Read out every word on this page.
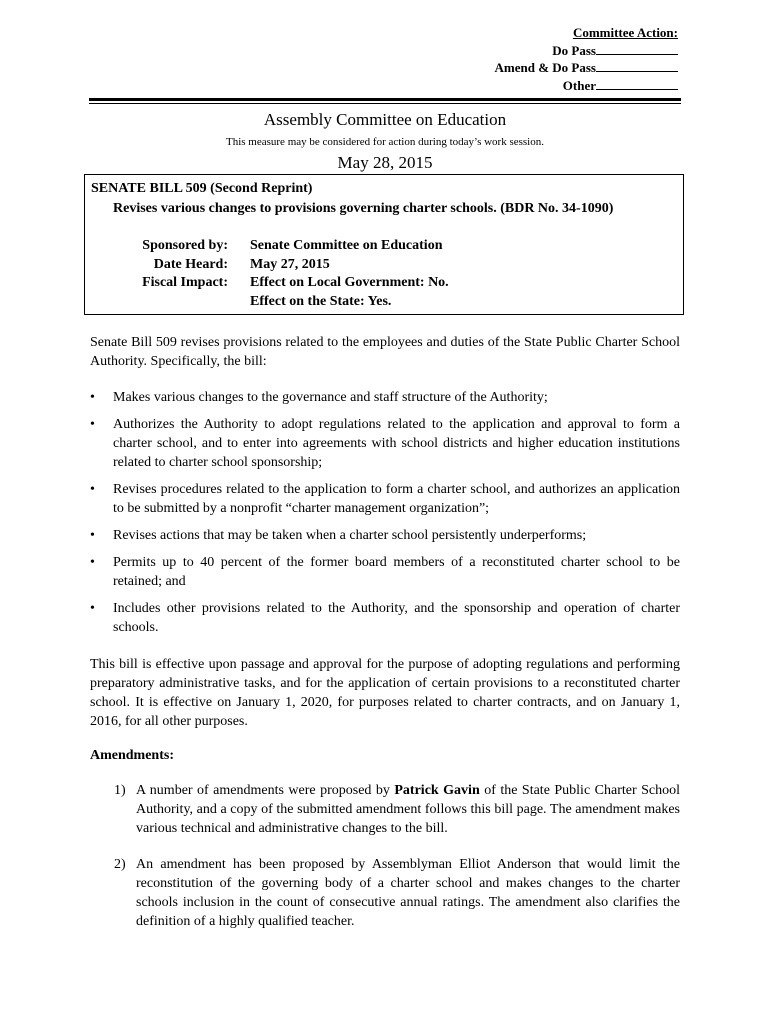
Committee Action:
Do Pass
Amend & Do Pass
Other
Assembly Committee on Education
This measure may be considered for action during today’s work session.
May 28, 2015
SENATE BILL 509 (Second Reprint)
Revises various changes to provisions governing charter schools. (BDR No. 34-1090)
Sponsored by: Senate Committee on Education
Date Heard: May 27, 2015
Fiscal Impact: Effect on Local Government: No.
Effect on the State: Yes.
Senate Bill 509 revises provisions related to the employees and duties of the State Public Charter School Authority. Specifically, the bill:
• Makes various changes to the governance and staff structure of the Authority;
• Authorizes the Authority to adopt regulations related to the application and approval to form a charter school, and to enter into agreements with school districts and higher education institutions related to charter school sponsorship;
• Revises procedures related to the application to form a charter school, and authorizes an application to be submitted by a nonprofit “charter management organization”;
• Revises actions that may be taken when a charter school persistently underperforms;
• Permits up to 40 percent of the former board members of a reconstituted charter school to be retained; and
• Includes other provisions related to the Authority, and the sponsorship and operation of charter schools.
This bill is effective upon passage and approval for the purpose of adopting regulations and performing preparatory administrative tasks, and for the application of certain provisions to a reconstituted charter school. It is effective on January 1, 2020, for purposes related to charter contracts, and on January 1, 2016, for all other purposes.
Amendments:
1) A number of amendments were proposed by Patrick Gavin of the State Public Charter School Authority, and a copy of the submitted amendment follows this bill page. The amendment makes various technical and administrative changes to the bill.
2) An amendment has been proposed by Assemblyman Elliot Anderson that would limit the reconstitution of the governing body of a charter school and makes changes to the charter schools inclusion in the count of consecutive annual ratings. The amendment also clarifies the definition of a highly qualified teacher.
